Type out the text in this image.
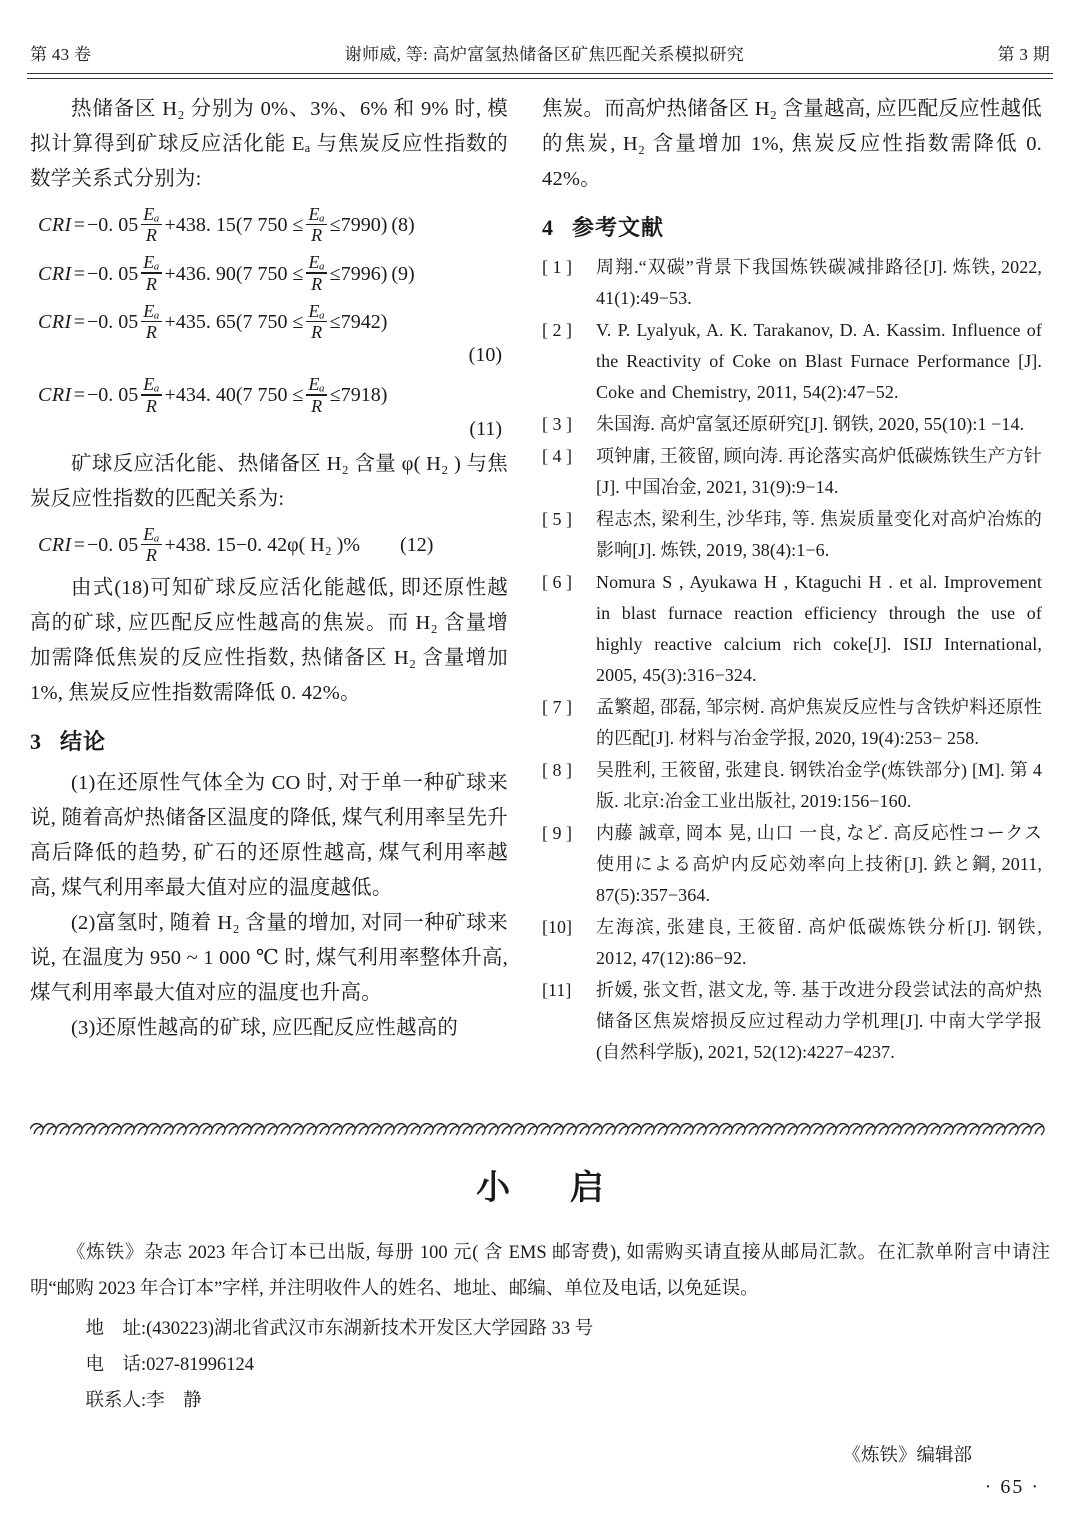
第 43 卷	谢师威, 等: 高炉富氢热储备区矿焦匹配关系模拟研究	第 3 期

热储备区 H₂ 分别为 0%、3%、6% 和 9% 时, 模拟计算得到矿球反应活化能 Eₐ 与焦炭反应性指数的数学关系式分别为:

CRI = −0. $05 \frac{\text{Eₐ}}{R} +438$. 15 (7 $750 \le \frac{\text{Eₐ}}{R} \le 7990$) (8)
CRI = −0. $05 \frac{\text{Eₐ}}{R} +436$. 90 (7 $750 \le \frac{\text{Eₐ}}{R} \le 7996$) (9)
CRI = −0. $05 \frac{\text{Eₐ}}{R} +435$. 65 (7 $750 \le \frac{\text{Eₐ}}{R} \le 7942$)
(10)
CRI = −0. $05 \frac{\text{Eₐ}}{R} +434$. 40 (7 $750 \le \frac{\text{Eₐ}}{R} \le 7918$)
(11)

矿球反应活化能、热储备区 H₂ 含量 φ( H₂ ) 与焦炭反应性指数的匹配关系为:

CRI = −0. $05 \frac{\text{Eₐ}}{R} +438$. 15−0. 42φ( H₂ )% (12)

由式(18)可知矿球反应活化能越低, 即还原性越高的矿球, 应匹配反应性越高的焦炭。而 H₂ 含量增加需降低焦炭的反应性指数, 热储备区 H₂ 含量增加 1%, 焦炭反应性指数需降低 0. 42%。

3 结论

(1)在还原性气体全为 CO 时, 对于单一种矿球来说, 随着高炉热储备区温度的降低, 煤气利用率呈先升高后降低的趋势, 矿石的还原性越高, 煤气利用率越高, 煤气利用率最大值对应的温度越低。

(2)富氢时, 随着 H₂ 含量的增加, 对同一种矿球来说, 在温度为 950 ~ 1 000 ℃ 时, 煤气利用率整体升高, 煤气利用率最大值对应的温度也升高。

(3)还原性越高的矿球, 应匹配反应性越高的

焦炭。而高炉热储备区 H₂ 含量越高, 应匹配反应性越低的焦炭, H₂ 含量增加 1%, 焦炭反应性指数需降低 0. 42%。

4 参考文献
[ 1 ]	周翔.“双碳”背景下我国炼铁碳减排路径[J]. 炼铁, 2022, 41(1):49−53.
[ 2 ]	V. P. Lyalyuk, A. K. Tarakanov, D. A. Kassim. Influence of the Reactivity of Coke on Blast Furnace Performance [J]. Coke and Chemistry, 2011, 54(2):47−52.
[ 3 ]	朱国海. 高炉富氢还原研究[J]. 钢铁, 2020, 55(10):1 −14.
[ 4 ]	项钟庸, 王筱留, 顾向涛. 再论落实高炉低碳炼铁生产方针[J]. 中国冶金, 2021, 31(9):9−14.
[ 5 ]	程志杰, 梁利生, 沙华玮, 等. 焦炭质量变化对高炉冶炼的影响[J]. 炼铁, 2019, 38(4):1−6.
[ 6 ]	Nomura S , Ayukawa H , Ktaguchi H . et al. Improvement in blast furnace reaction efficiency through the use of highly reactive calcium rich coke[J]. ISIJ International, 2005, 45(3):316−324.
[ 7 ]	孟繁超, 邵磊, 邹宗树. 高炉焦炭反应性与含铁炉料还原性的匹配[J]. 材料与冶金学报, 2020, 19(4):253− 258.
[ 8 ]	吴胜利, 王筱留, 张建良. 钢铁冶金学(炼铁部分) [M]. 第 4 版. 北京:冶金工业出版社, 2019:156−160.
[ 9 ]	内藤 誠章, 岡本 晃, 山口 一良, など. 高反応性コークス使用による高炉内反応効率向上技術[J]. 鉄と鋼, 2011, 87(5):357−364.
[10]	左海滨, 张建良, 王筱留. 高炉低碳炼铁分析[J]. 钢铁, 2012, 47(12):86−92.
[11]	折媛, 张文哲, 湛文龙, 等. 基于改进分段尝试法的高炉热储备区焦炭熔损反应过程动力学机理[J]. 中南大学学报(自然科学版), 2021, 52(12):4227−4237.
小 启

《炼铁》杂志 2023 年合订本已出版, 每册 100 元( 含 EMS 邮寄费), 如需购买请直接从邮局汇款。在汇款单附言中请注明“邮购 2023 年合订本”字样, 并注明收件人的姓名、地址、邮编、单位及电话, 以免延误。

地　址:(430223)湖北省武汉市东湖新技术开发区大学园路 33 号
电　话:027-81996124
联系人:李　静
《炼铁》编辑部
· 65 ·
